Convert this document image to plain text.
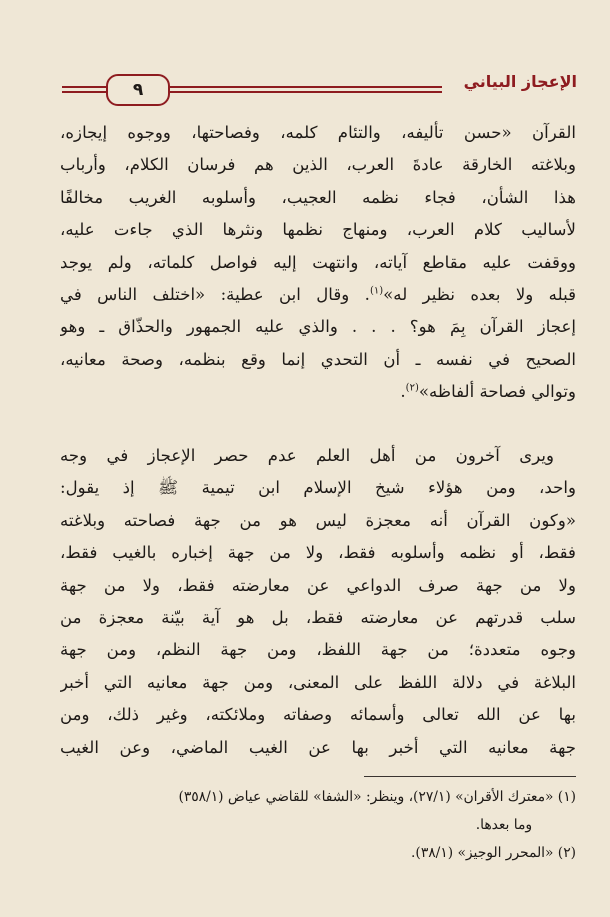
الإعجاز البياني
٩
القرآن «حسن تأليفه، والتئام كلمه، وفصاحتها، ووجوه إيجازه،
وبلاغته الخارقة عادةَ العرب، الذين هم فرسان الكلام، وأرباب
هذا الشأن، فجاء نظمه العجيب، وأسلوبه الغريب مخالفًا
لأساليب كلام العرب، ومنهاج نظمها ونثرها الذي جاءت عليه،
ووقفت عليه مقاطع آياته، وانتهت إليه فواصل كلماته، ولم يوجد
قبله ولا بعده نظير له»$^{(١)}$. وقال ابن عطية: «اختلف الناس في
إعجاز القرآن بِمَ هو؟ . . . والذي عليه الجمهور والحذّاق ـ وهو
الصحيح في نفسه ـ أن التحدي إنما وقع بنظمه، وصحة معانيه،
وتوالي فصاحة ألفاظه»$^{(٢)}$.
ويرى آخرون من أهل العلم عدم حصر الإعجاز في وجه
واحد، ومن هؤلاء شيخ الإسلام ابن تيمية ﷺ إذ يقول:
«وكون القرآن أنه معجزة ليس هو من جهة فصاحته وبلاغته
فقط، أو نظمه وأسلوبه فقط، ولا من جهة إخباره بالغيب فقط،
ولا من جهة صرف الدواعي عن معارضته فقط، ولا من جهة
سلب قدرتهم عن معارضته فقط، بل هو آية بيّنة معجزة من
وجوه متعددة؛ من جهة اللفظ، ومن جهة النظم، ومن جهة
البلاغة في دلالة اللفظ على المعنى، ومن جهة معانيه التي أخبر
بها عن الله تعالى وأسمائه وصفاته وملائكته، وغير ذلك، ومن
جهة معانيه التي أخبر بها عن الغيب الماضي، وعن الغيب
(١) «معترك الأقران» (٢٧/١)، وينظر: «الشفا» للقاضي عياض (٣٥٨/١)
وما بعدها.
(٢) «المحرر الوجيز» (٣٨/١).
